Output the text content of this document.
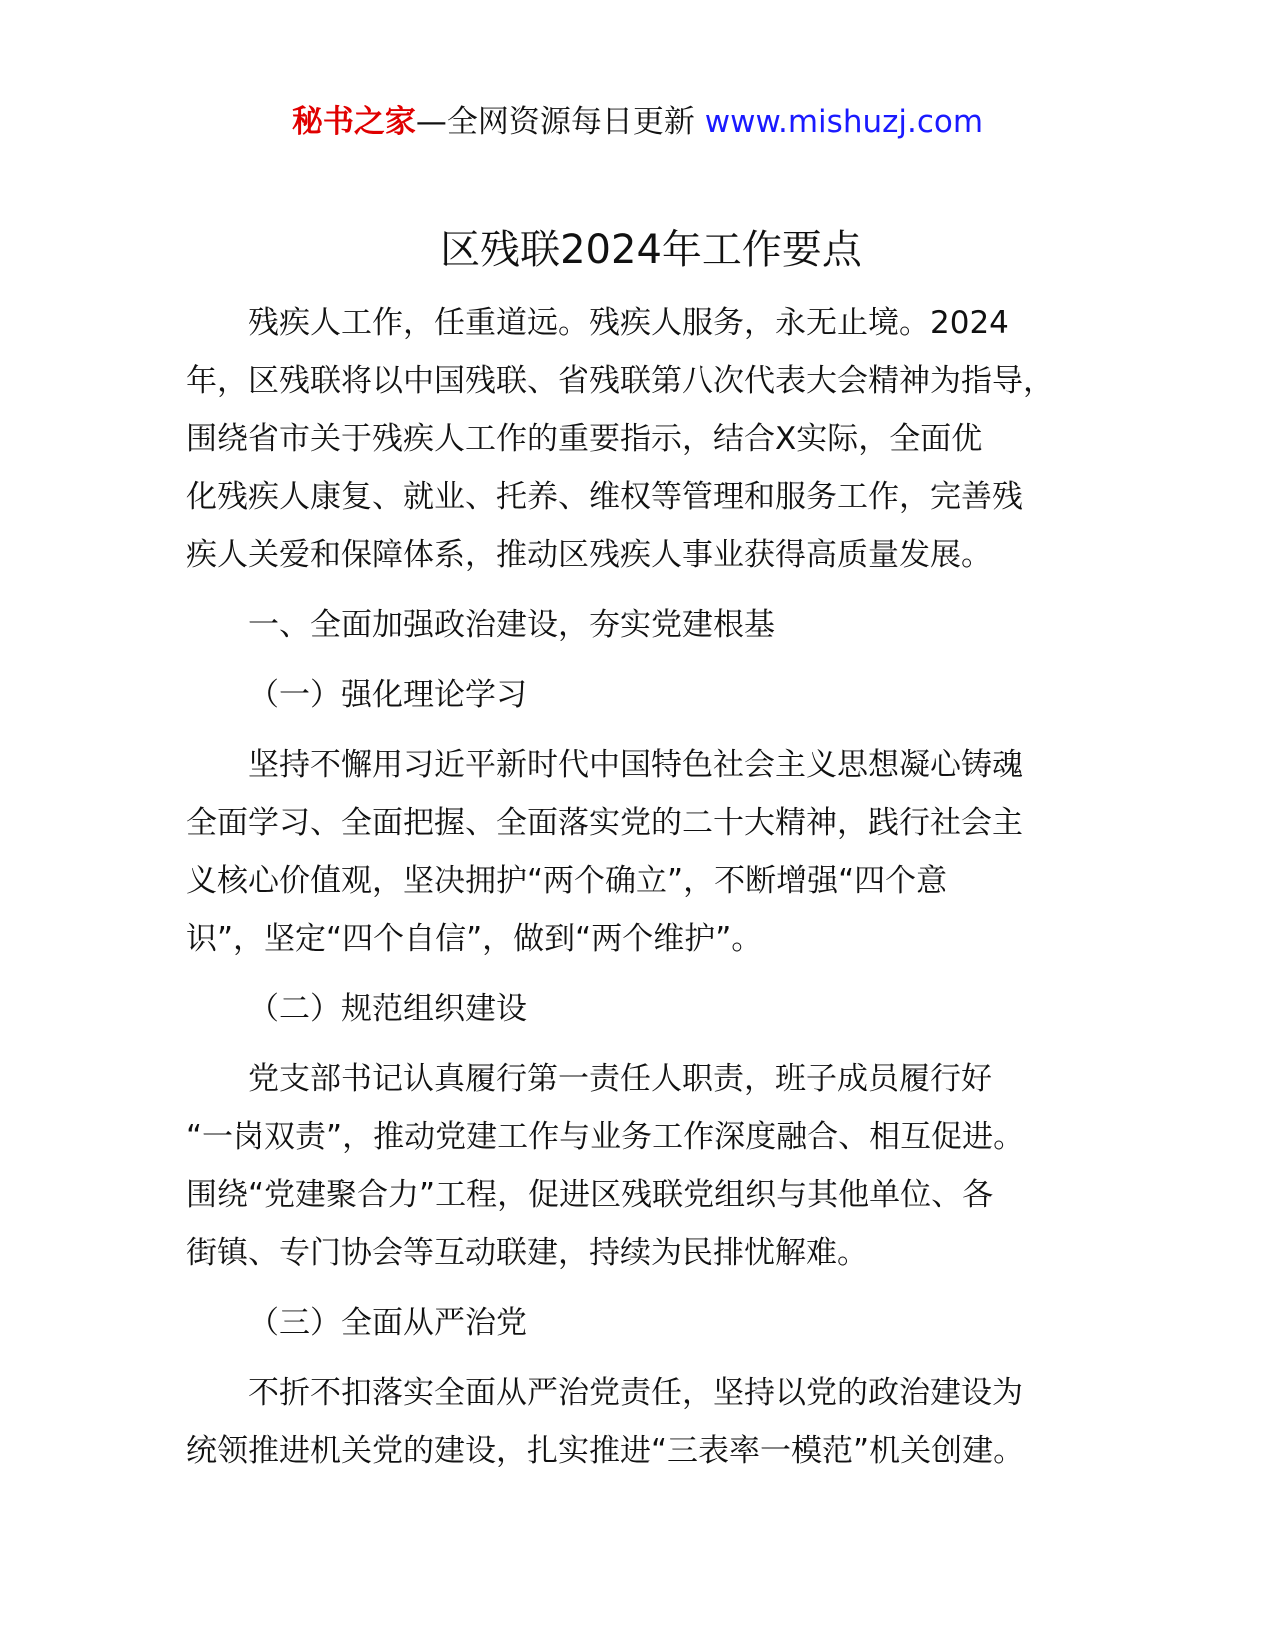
秘书之家—全网资源每日更新 www.mishuzj.com
区残联2024年工作要点
残疾人工作，任重道远。残疾人服务，永无止境。2024
年，区残联将以中国残联、省残联第八次代表大会精神为指导，
围绕省市关于残疾人工作的重要指示，结合X实际，全面优
化残疾人康复、就业、托养、维权等管理和服务工作，完善残
疾人关爱和保障体系，推动区残疾人事业获得高质量发展。
一、全面加强政治建设，夯实党建根基
（一）强化理论学习
坚持不懈用习近平新时代中国特色社会主义思想凝心铸魂
全面学习、全面把握、全面落实党的二十大精神，践行社会主
义核心价值观，坚决拥护“两个确立”，不断增强“四个意
识”，坚定“四个自信”，做到“两个维护”。
（二）规范组织建设
党支部书记认真履行第一责任人职责，班子成员履行好
“一岗双责”，推动党建工作与业务工作深度融合、相互促进。
围绕“党建聚合力”工程，促进区残联党组织与其他单位、各
街镇、专门协会等互动联建，持续为民排忧解难。
（三）全面从严治党
不折不扣落实全面从严治党责任，坚持以党的政治建设为
统领推进机关党的建设，扎实推进“三表率一模范”机关创建。
